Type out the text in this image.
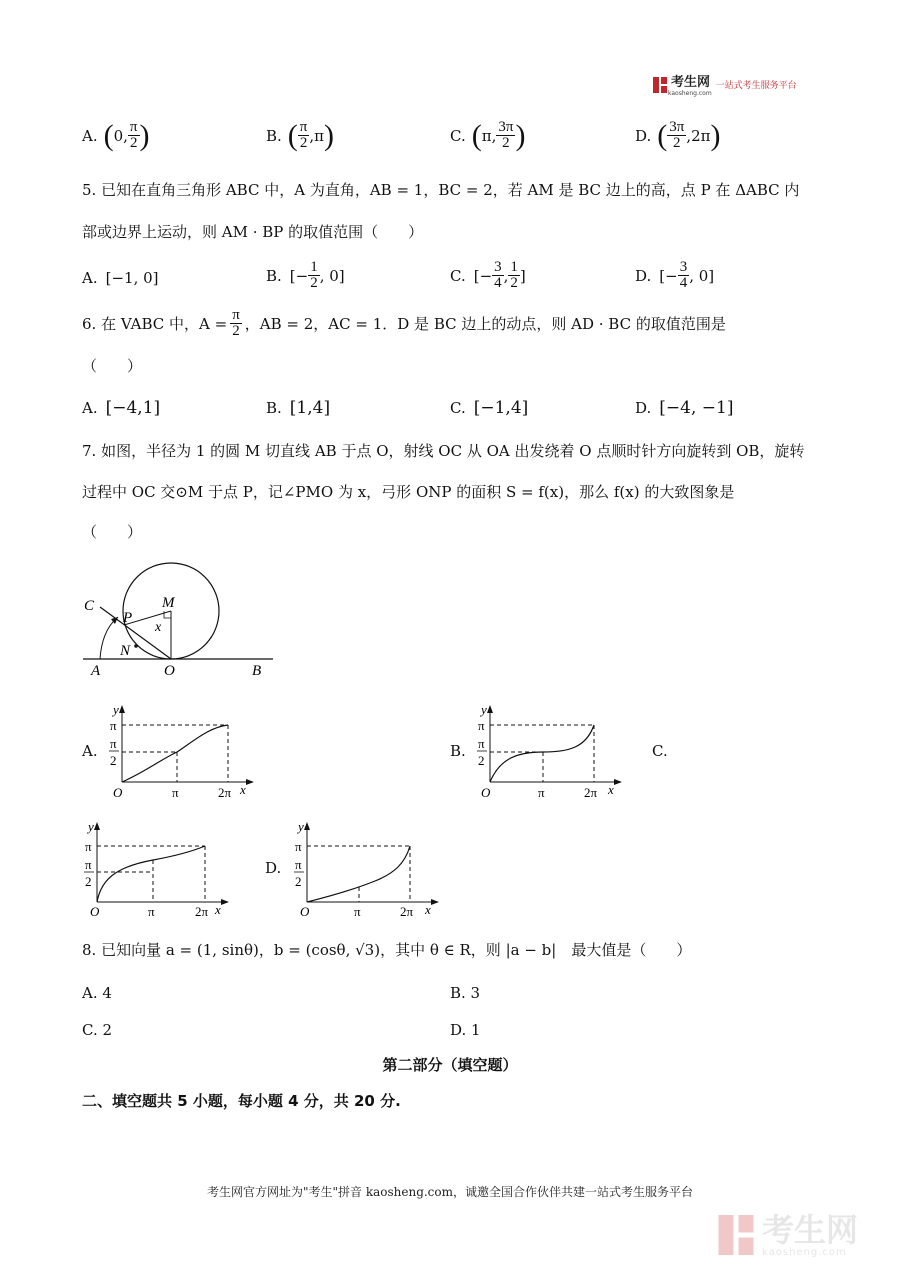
考生网
kaosheng.com
一站式考生服务平台
A. ( 0, $\frac{\pi}{2}$ )	B. ( $\frac{\pi}{2} ,\pi$ )	C. ( π, $\frac{3\pi}{2}$ )	D. ( $\frac{3\pi}{2} ,2\pi$ )
5. 已知在直角三角形 ABC 中，A 为直角，AB = 1，BC = 2，若 AM 是 BC 边上的高，点 P 在 ΔABC 内
部或边界上运动，则 AM · BP 的取值范围（　　）
A. [−1, 0]	B. [− $\frac{1}{2}$ , 0]	C. [− $\frac{3}{4}$ , $\frac{1}{2}$ ]	D. [− $\frac{3}{4}$ , 0]
6. 在 VABC 中，$A = \frac{\pi}{2}$ ，AB = 2，AC = 1．D 是 BC 边上的动点，则 AD · BC 的取值范围是
（　　）
A. [−4,1]	B. [1,4]	C. [−1,4]	D. [−4, −1]
7. 如图，半径为 1 的圆 M 切直线 AB 于点 O，射线 OC 从 OA 出发绕着 O 点顺时针方向旋转到 OB，旋转
过程中 OC 交⊙M 于点 P，记∠PMO 为 x，弓形 ONP 的面积 S = f(x)，那么 f(x) 的大致图象是
（　　）
C
P
M
x
N
A	O	B
A.
y
π
π
2
O	π	2π x
B.
y
π
π
2
O	π	2π x
C.
y
π
π
2
O	π	2π x
D.
y
π
π
2
O	π	2π x
8. 已知向量 a = (1, sinθ)，b = (cosθ, √3)，其中 θ ∈ R，则 |a − b|　最大值是（　　）
A. 4	B. 3
C. 2	D. 1
第二部分（填空题）
二、填空题共 5 小题，每小题 4 分，共 20 分.
考生网官方网址为"考生"拼音 kaosheng.com，诚邀全国合作伙伴共建一站式考生服务平台
考生网
kaosheng.com
